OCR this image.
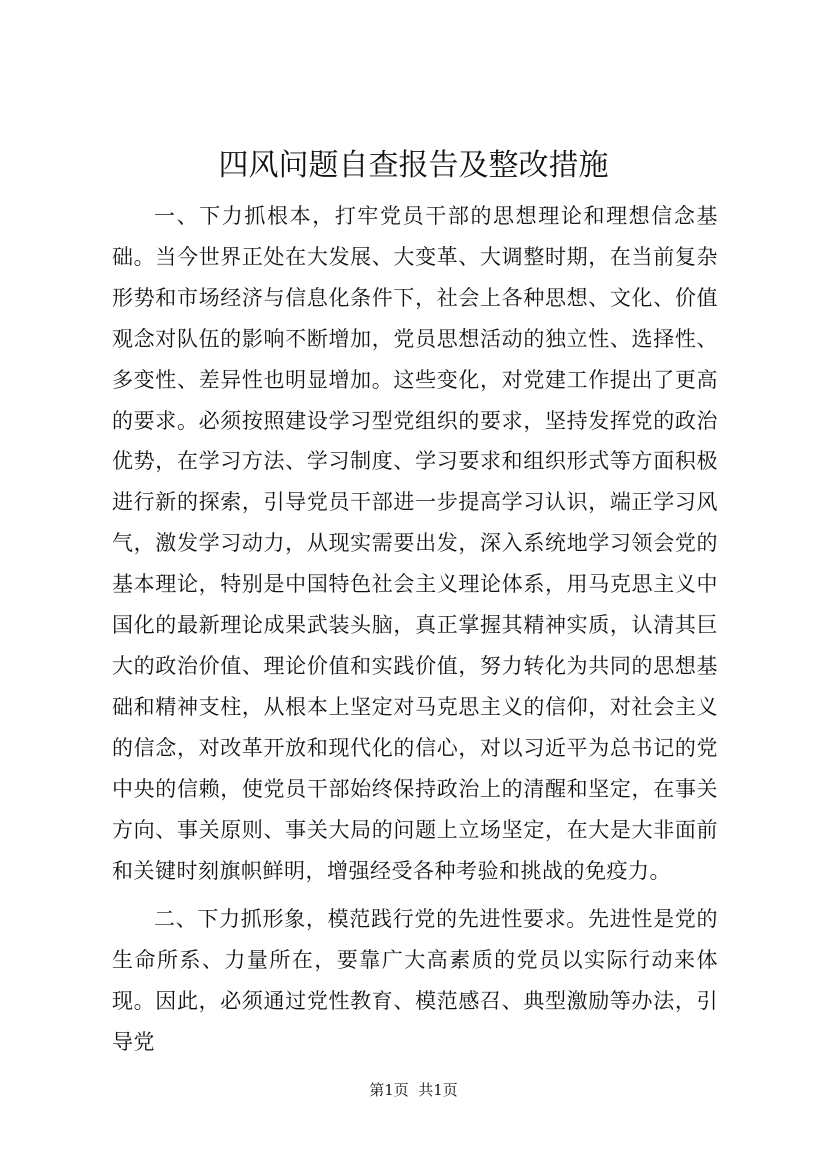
四风问题自查报告及整改措施

一、下力抓根本，打牢党员干部的思想理论和理想信念基础。当今世界正处在大发展、大变革、大调整时期，在当前复杂形势和市场经济与信息化条件下，社会上各种思想、文化、价值观念对队伍的影响不断增加，党员思想活动的独立性、选择性、多变性、差异性也明显增加。这些变化，对党建工作提出了更高的要求。必须按照建设学习型党组织的要求，坚持发挥党的政治优势，在学习方法、学习制度、学习要求和组织形式等方面积极进行新的探索，引导党员干部进一步提高学习认识，端正学习风气，激发学习动力，从现实需要出发，深入系统地学习领会党的基本理论，特别是中国特色社会主义理论体系，用马克思主义中国化的最新理论成果武装头脑，真正掌握其精神实质，认清其巨大的政治价值、理论价值和实践价值，努力转化为共同的思想基础和精神支柱，从根本上坚定对马克思主义的信仰，对社会主义的信念，对改革开放和现代化的信心，对以习近平为总书记的党中央的信赖，使党员干部始终保持政治上的清醒和坚定，在事关方向、事关原则、事关大局的问题上立场坚定，在大是大非面前和关键时刻旗帜鲜明，增强经受各种考验和挑战的免疫力。

二、下力抓形象，模范践行党的先进性要求。先进性是党的生命所系、力量所在，要靠广大高素质的党员以实际行动来体现。因此，必须通过党性教育、模范感召、典型激励等办法，引导党

第1页  共1页
